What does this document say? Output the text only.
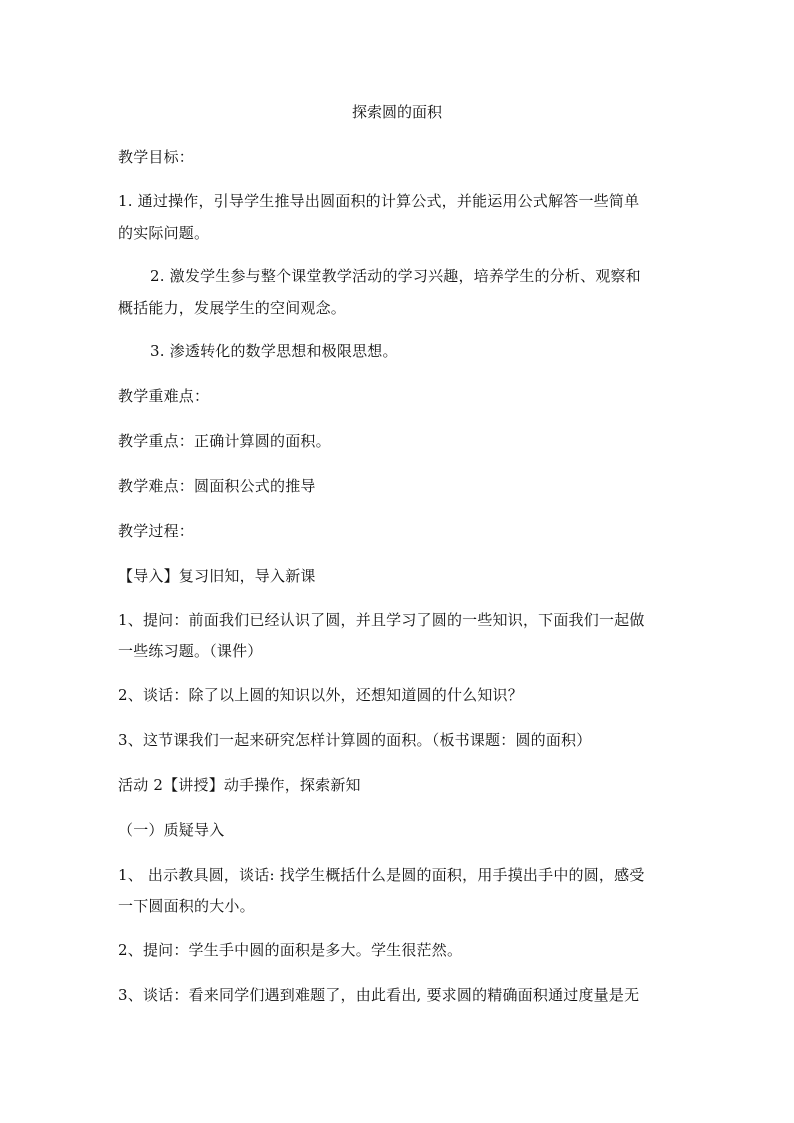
探索圆的面积
教学目标：
1. 通过操作，引导学生推导出圆面积的计算公式，并能运用公式解答一些简单
的实际问题。
2. 激发学生参与整个课堂教学活动的学习兴趣，培养学生的分析、观察和
概括能力，发展学生的空间观念。
3. 渗透转化的数学思想和极限思想。
教学重难点：
教学重点：正确计算圆的面积。
教学难点：圆面积公式的推导
教学过程：
【导入】复习旧知，导入新课
1、提问：前面我们已经认识了圆，并且学习了圆的一些知识，下面我们一起做
一些练习题。（课件）
2、谈话：除了以上圆的知识以外，还想知道圆的什么知识？
3、这节课我们一起来研究怎样计算圆的面积。（板书课题：圆的面积）
活动 2【讲授】动手操作，探索新知
（一）质疑导入
1、 出示教具圆，谈话: 找学生概括什么是圆的面积，用手摸出手中的圆，感受
一下圆面积的大小。
2、提问：学生手中圆的面积是多大。学生很茫然。
3、谈话：看来同学们遇到难题了，由此看出, 要求圆的精确面积通过度量是无
